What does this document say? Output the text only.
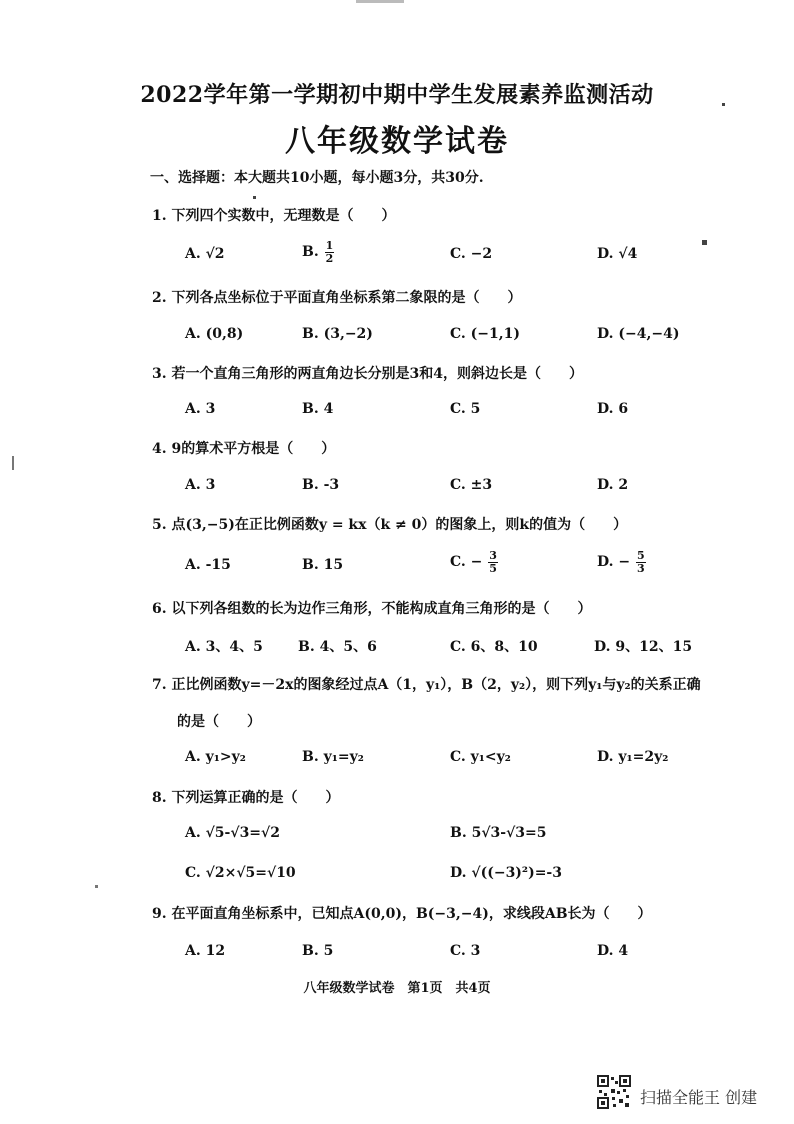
2022学年第一学期初中期中学生发展素养监测活动
八年级数学试卷
一、选择题：本大题共10小题，每小题3分，共30分.
1. 下列四个实数中，无理数是（　　）
A. √2	B. $\frac{1}{2}$	C. −2	D. √4
2. 下列各点坐标位于平面直角坐标系第二象限的是（　　）
A. (0,8)	B. (3,−2)	C. (−1,1)	D. (−4,−4)
3. 若一个直角三角形的两直角边长分别是3和4，则斜边长是（　　）
A. 3	B. 4	C. 5	D. 6
4. 9的算术平方根是（　　）
A. 3	B. -3	C. ±3	D. 2
5. 点(3,−5)在正比例函数y = kx（k ≠ 0）的图象上，则k的值为（　　）
A. -15	B. 15	C. − $\frac{3}{5}$	D. − $\frac{5}{3}$
6. 以下列各组数的长为边作三角形，不能构成直角三角形的是（　　）
A. 3、4、5	B. 4、5、6	C. 6、8、10	D. 9、12、15
7. 正比例函数y=－2x的图象经过点A（1，y₁），B（2，y₂），则下列y₁与y₂的关系正确
的是（　　）
A. y₁>y₂	B. y₁=y₂	C. y₁<y₂	D. y₁=2y₂
8. 下列运算正确的是（　　）
A. √5-√3=√2	B. 5√3-√3=5
C. √2×√5=√10	D. √((−3)²)=-3
9. 在平面直角坐标系中，已知点A(0,0)，B(−3,−4)，求线段AB长为（　　）
A. 12	B. 5	C. 3	D. 4
八年级数学试卷　第1页　共4页
扫描全能王 创建
